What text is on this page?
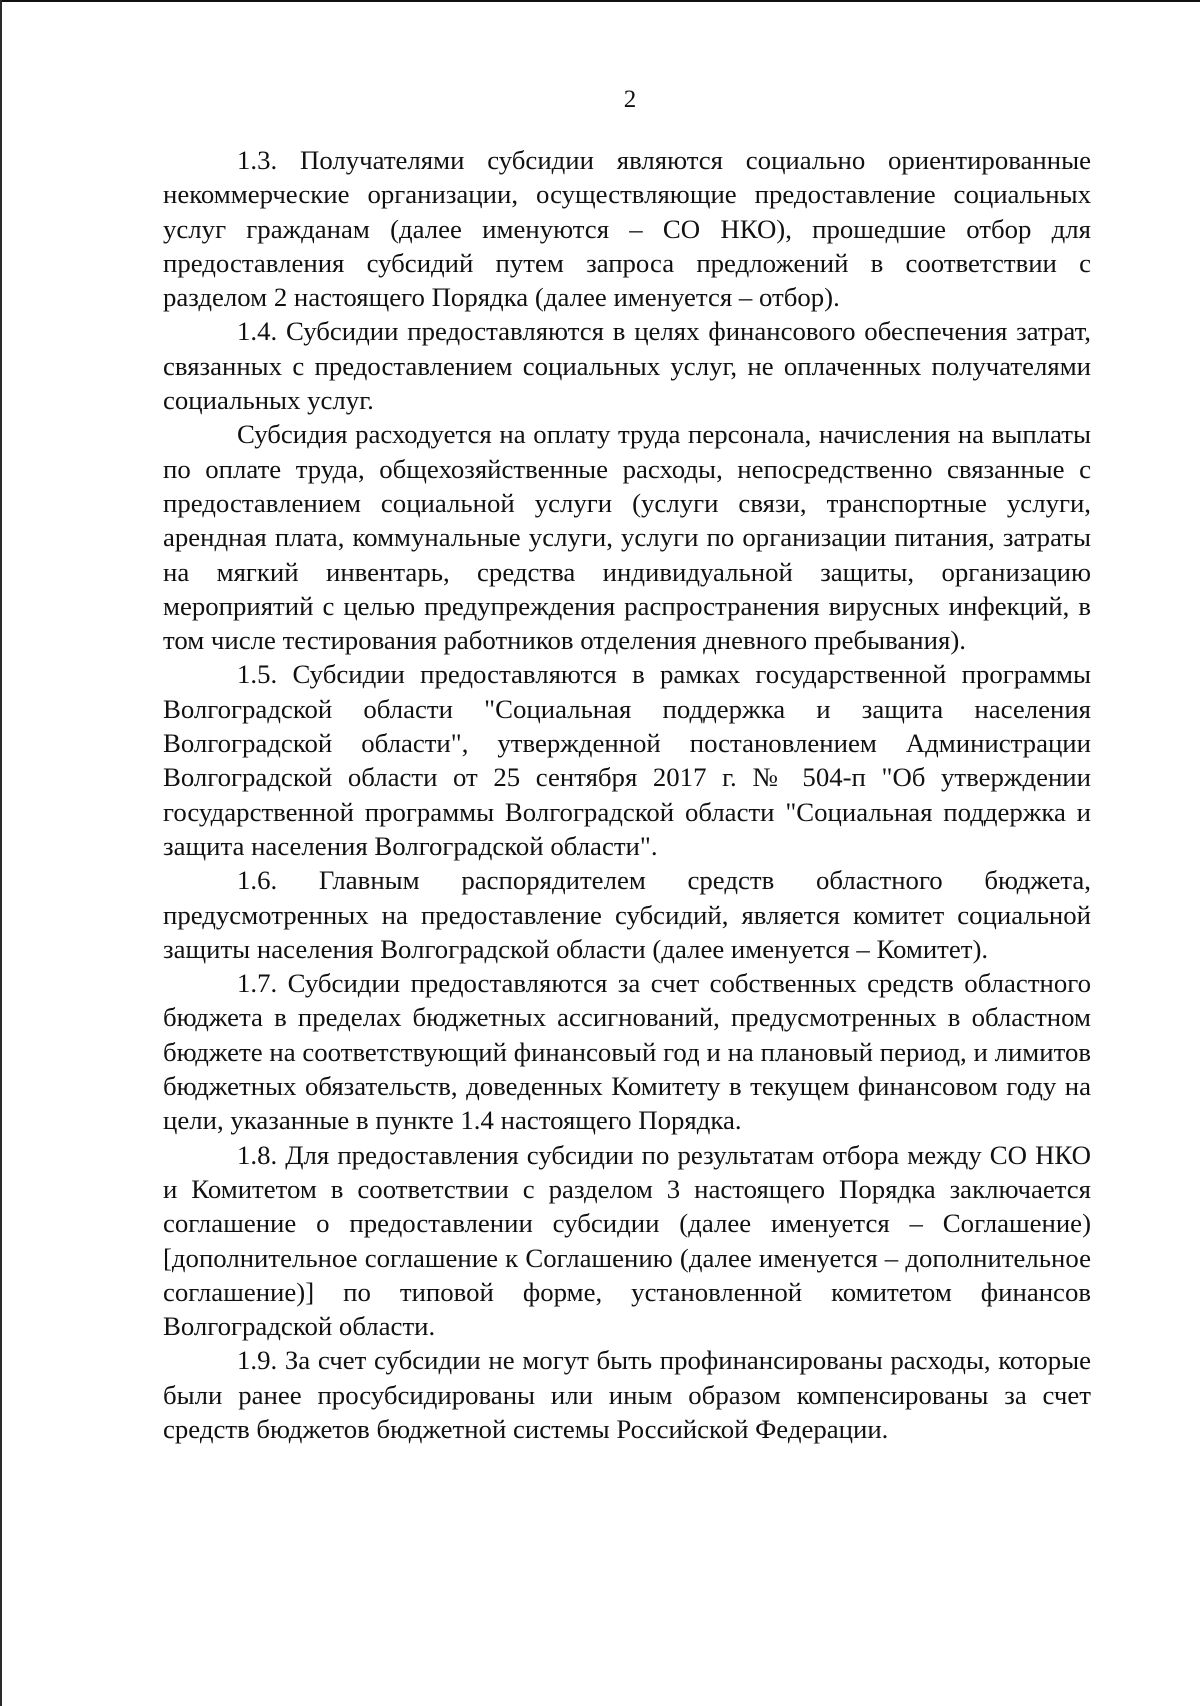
2

1.3. Получателями субсидии являются социально ориентированные некоммерческие организации, осуществляющие предоставление социальных услуг гражданам (далее именуются – СО НКО), прошедшие отбор для предоставления субсидий путем запроса предложений в соответствии с разделом 2 настоящего Порядка (далее именуется – отбор).

1.4. Субсидии предоставляются в целях финансового обеспечения затрат, связанных с предоставлением социальных услуг, не оплаченных получателями социальных услуг.

Субсидия расходуется на оплату труда персонала, начисления на выплаты по оплате труда, общехозяйственные расходы, непосредственно связанные с предоставлением социальной услуги (услуги связи, транспортные услуги, арендная плата, коммунальные услуги, услуги по организации питания, затраты на мягкий инвентарь, средства индивидуальной защиты, организацию мероприятий с целью предупреждения распространения вирусных инфекций, в том числе тестирования работников отделения дневного пребывания).

1.5. Субсидии предоставляются в рамках государственной программы Волгоградской области "Социальная поддержка и защита населения Волгоградской области", утвержденной постановлением Администрации Волгоградской области от 25 сентября 2017 г. № 504-п "Об утверждении государственной программы Волгоградской области "Социальная поддержка и защита населения Волгоградской области".

1.6. Главным распорядителем средств областного бюджета, предусмотренных на предоставление субсидий, является комитет социальной защиты населения Волгоградской области (далее именуется – Комитет).

1.7. Субсидии предоставляются за счет собственных средств областного бюджета в пределах бюджетных ассигнований, предусмотренных в областном бюджете на соответствующий финансовый год и на плановый период, и лимитов бюджетных обязательств, доведенных Комитету в текущем финансовом году на цели, указанные в пункте 1.4 настоящего Порядка.

1.8. Для предоставления субсидии по результатам отбора между СО НКО и Комитетом в соответствии с разделом 3 настоящего Порядка заключается соглашение о предоставлении субсидии (далее именуется – Соглашение) [дополнительное соглашение к Соглашению (далее именуется – дополнительное соглашение)] по типовой форме, установленной комитетом финансов Волгоградской области.

1.9. За счет субсидии не могут быть профинансированы расходы, которые были ранее просубсидированы или иным образом компенсированы за счет средств бюджетов бюджетной системы Российской Федерации.
